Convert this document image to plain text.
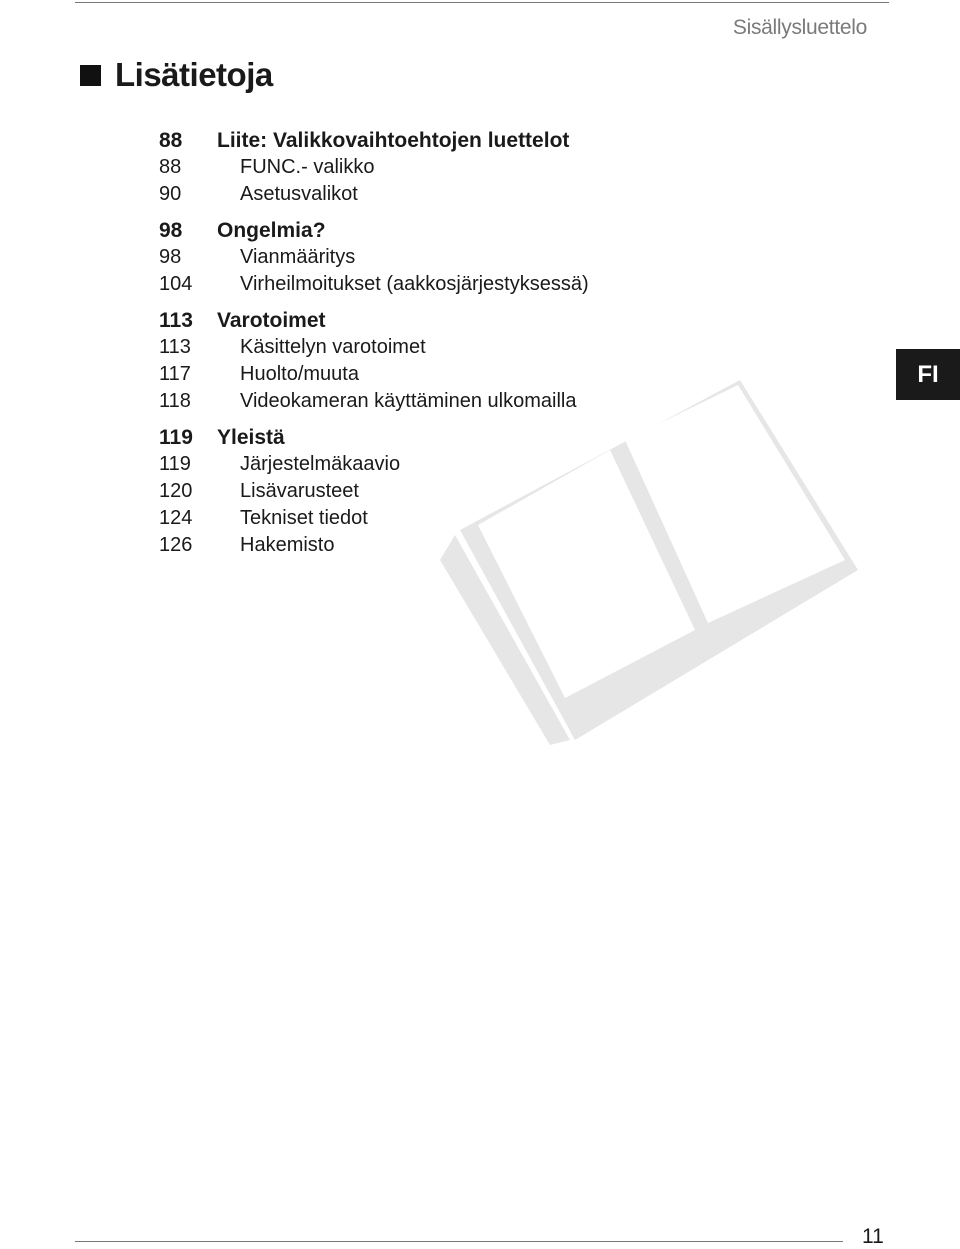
Sisällysluettelo
Lisätietoja
88	Liite: Valikkovaihtoehtojen luettelot
88	FUNC.- valikko
90	Asetusvalikot
98	Ongelmia?
98	Vianmääritys
104	Virheilmoitukset (aakkosjärjestyksessä)
113	Varotoimet
113	Käsittelyn varotoimet
117	Huolto/muuta
118	Videokameran käyttäminen ulkomailla
119	Yleistä
119	Järjestelmäkaavio
120	Lisävarusteet
124	Tekniset tiedot
126	Hakemisto
FI
11
